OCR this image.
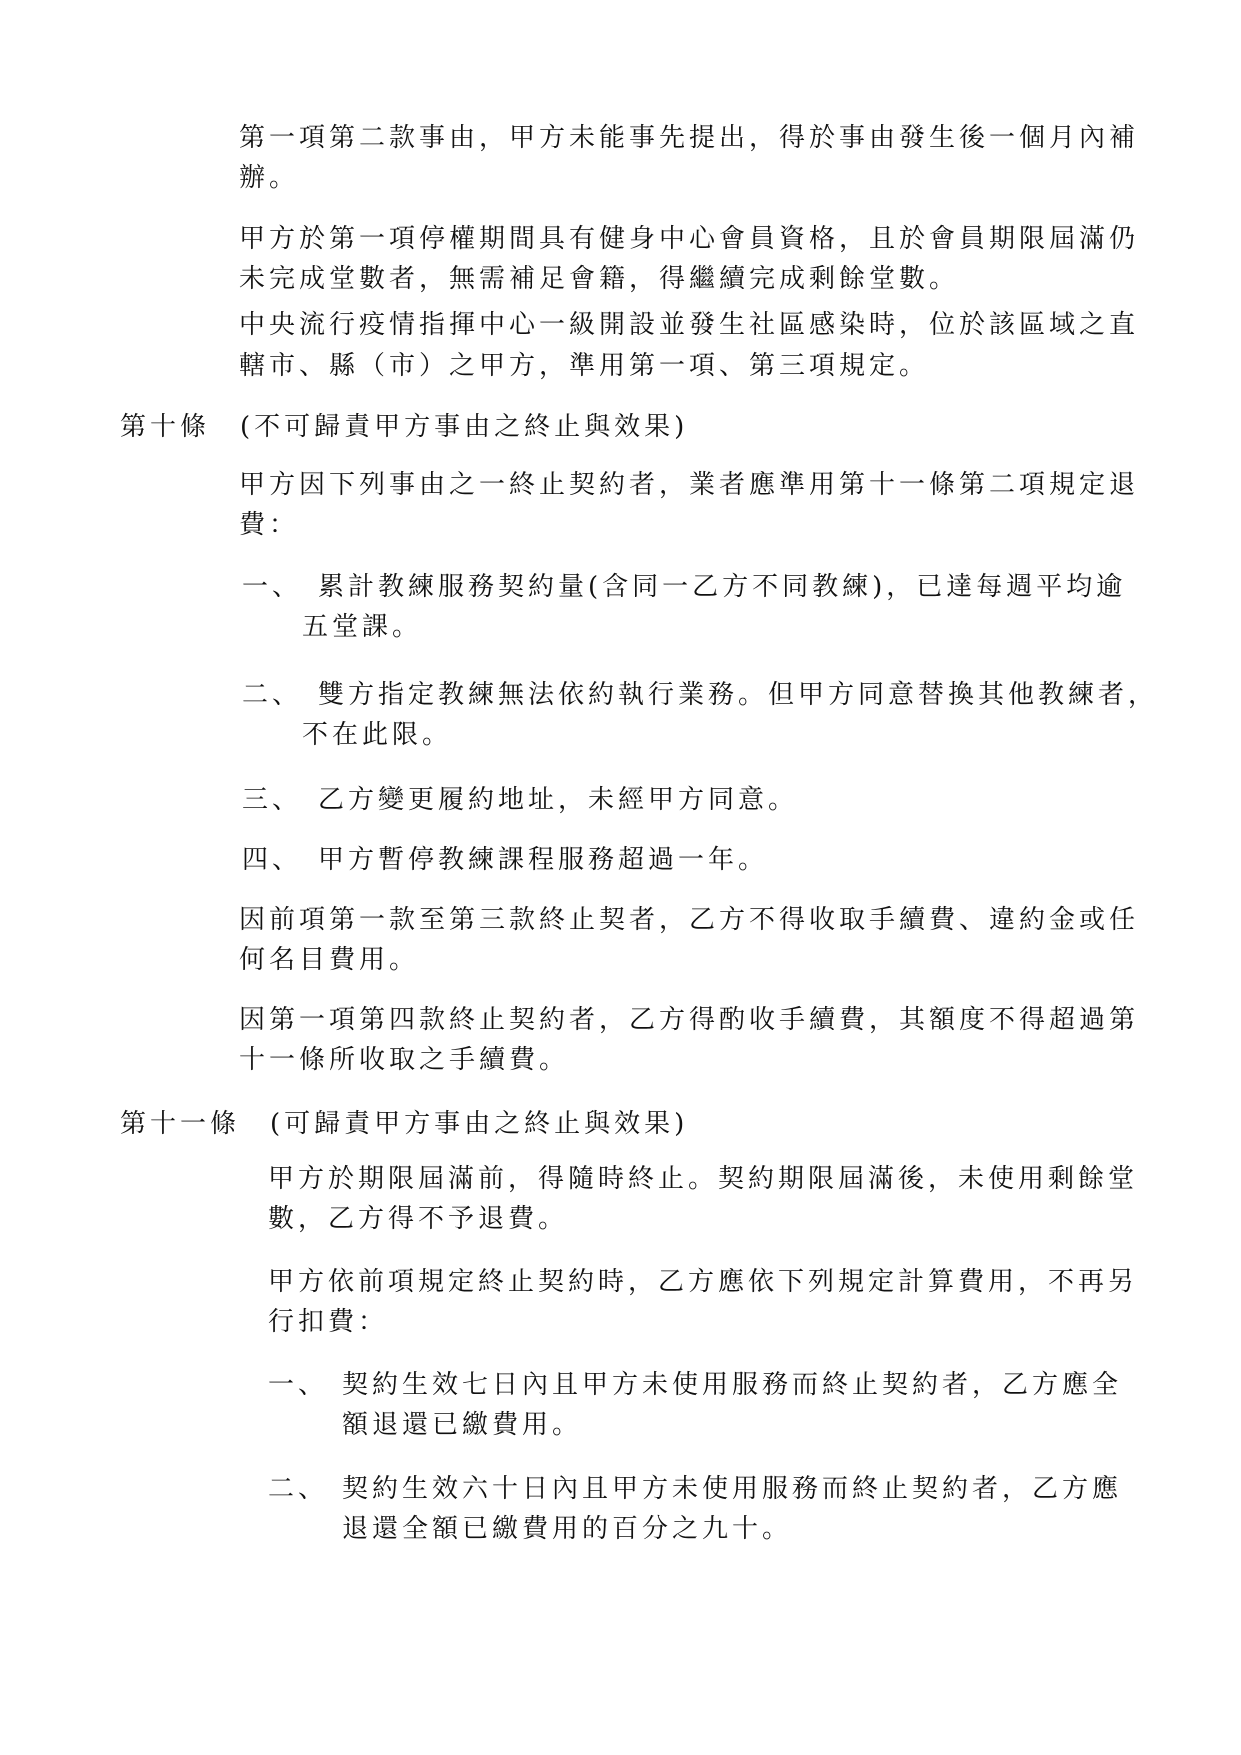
第一項第二款事由，甲方未能事先提出，得於事由發生後一個月內補
辦。
甲方於第一項停權期間具有健身中心會員資格，且於會員期限屆滿仍
未完成堂數者，無需補足會籍，得繼續完成剩餘堂數。
中央流行疫情指揮中心一級開設並發生社區感染時，位於該區域之直
轄市、縣（市）之甲方，準用第一項、第三項規定。
第十條　(不可歸責甲方事由之終止與效果)
甲方因下列事由之一終止契約者，業者應準用第十一條第二項規定退
費：
一、 累計教練服務契約量(含同一乙方不同教練)，已達每週平均逾
五堂課。
二、 雙方指定教練無法依約執行業務。但甲方同意替換其他教練者，
不在此限。
三、 乙方變更履約地址，未經甲方同意。
四、 甲方暫停教練課程服務超過一年。
因前項第一款至第三款終止契者，乙方不得收取手續費、違約金或任
何名目費用。
因第一項第四款終止契約者，乙方得酌收手續費，其額度不得超過第
十一條所收取之手續費。
第十一條　(可歸責甲方事由之終止與效果)
甲方於期限屆滿前，得隨時終止。契約期限屆滿後，未使用剩餘堂
數，乙方得不予退費。
甲方依前項規定終止契約時，乙方應依下列規定計算費用，不再另
行扣費：
一、 契約生效七日內且甲方未使用服務而終止契約者，乙方應全
額退還已繳費用。
二、 契約生效六十日內且甲方未使用服務而終止契約者，乙方應
退還全額已繳費用的百分之九十。
